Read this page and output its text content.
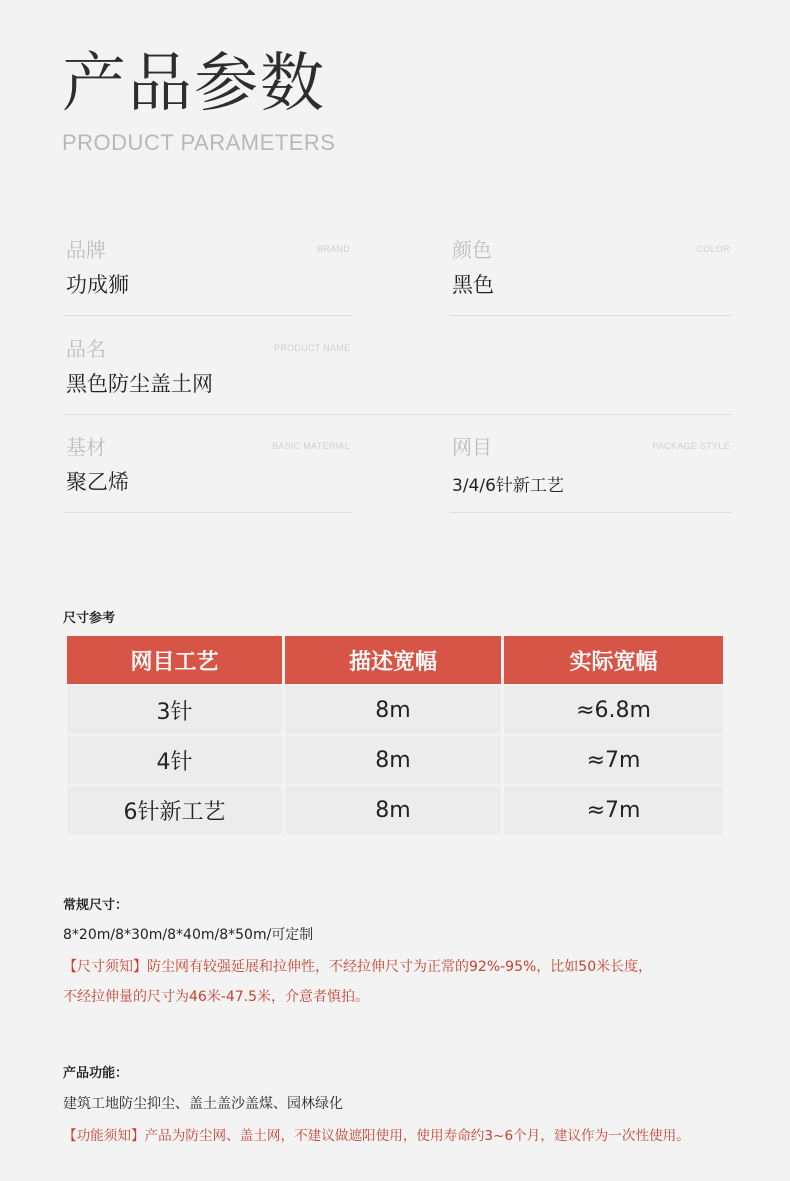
产品参数
PRODUCT PARAMETERS
品牌	BRAND
功成狮
颜色	COLOR
黑色
品名	PRODUCT NAME
黑色防尘盖土网
基材	BASIC MATERIAL
聚乙烯
网目	PACKAGE STYLE
3/4/6针新工艺
尺寸参考
网目工艺	描述宽幅	实际宽幅
3针	8m	≈6.8m
4针	8m	≈7m
6针新工艺	8m	≈7m
常规尺寸：
8*20m/8*30m/8*40m/8*50m/可定制
【尺寸须知】防尘网有较强延展和拉伸性，不经拉伸尺寸为正常的92%-95%，比如50米长度，
不经拉伸量的尺寸为46米-47.5米，介意者慎拍。
产品功能：
建筑工地防尘抑尘、盖土盖沙盖煤、园林绿化
【功能须知】产品为防尘网、盖土网，不建议做遮阳使用，使用寿命约3~6个月，建议作为一次性使用。
